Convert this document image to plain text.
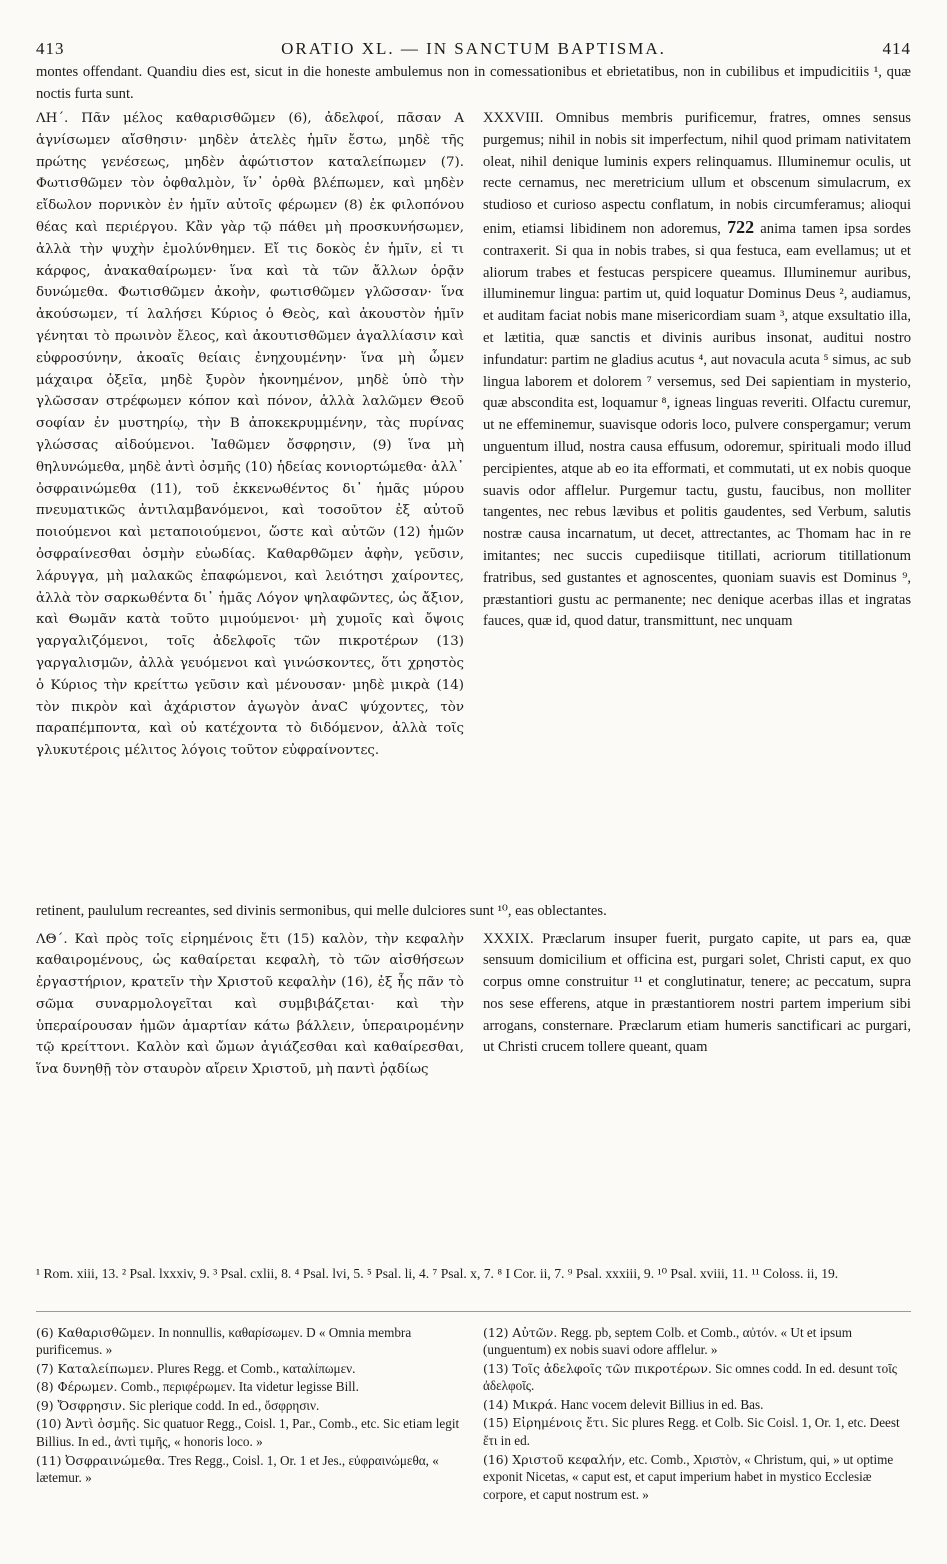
413	ORATIO XL. — IN SANCTUM BAPTISMA.	414
montes offendant. Quandiu dies est, sicut in die honeste ambulemus non in comessationibus et ebrietatibus, non in cubilibus et impudicitiis ¹, quæ noctis furta sunt.

ΛΗ΄. Πᾶν μέλος καθαρισθῶμεν (6), ἀδελφοί, πᾶσαν A ἁγνίσωμεν αἴσθησιν· μηδὲν ἀτελὲς ἡμῖν ἔστω, μηδὲ τῆς πρώτης γενέσεως, μηδὲν ἀφώτιστον καταλείπωμεν (7). Φωτισθῶμεν τὸν ὀφθαλμὸν, ἵν᾽ ὀρθὰ βλέπωμεν, καὶ μηδὲν εἴδωλον πορνικὸν ἐν ἡμῖν αὐτοῖς φέρωμεν (8) ἐκ φιλοπόνου θέας καὶ περιέργου. Κἂν γὰρ τῷ πάθει μὴ προσκυνήσωμεν, ἀλλὰ τὴν ψυχὴν ἐμολύνθημεν. Εἴ τις δοκὸς ἐν ἡμῖν, εἰ τι κάρφος, ἀνακαθαίρωμεν· ἵνα καὶ τὰ τῶν ἄλλων ὁρᾷν δυνώμεθα. Φωτισθῶμεν ἀκοὴν, φωτισθῶμεν γλῶσσαν· ἵνα ἀκούσωμεν, τί λαλήσει Κύριος ὁ Θεὸς, καὶ ἀκουστὸν ἡμῖν γένηται τὸ πρωινὸν ἔλεος, καὶ ἀκουτισθῶμεν ἀγαλλίασιν καὶ εὐφροσύνην, ἀκοαῖς θείαις ἐνηχουμένην· ἵνα μὴ ὦμεν μάχαιρα ὀξεῖα, μηδὲ ξυρὸν ἠκονημένον, μηδὲ ὑπὸ τὴν γλῶσσαν στρέφωμεν κόπον καὶ πόνον, ἀλλὰ λαλῶμεν Θεοῦ σοφίαν ἐν μυστηρίῳ, τὴν B ἀποκεκρυμμένην, τὰς πυρίνας γλώσσας αἰδούμενοι. Ἰαθῶμεν ὄσφρησιν, (9) ἵνα μὴ θηλυνώμεθα, μηδὲ ἀντὶ ὀσμῆς (10) ἡδείας κονιορτώμεθα· ἀλλ᾽ ὀσφραινώμεθα (11), τοῦ ἐκκενωθέντος δι᾽ ἡμᾶς μύρου πνευματικῶς ἀντιλαμβανόμενοι, καὶ τοσοῦτον ἐξ αὐτοῦ ποιούμενοι καὶ μεταποιούμενοι, ὥστε καὶ αὐτῶν (12) ἡμῶν ὀσφραίνεσθαι ὀσμὴν εὐωδίας. Καθαρθῶμεν ἀφὴν, γεῦσιν, λάρυγγα, μὴ μαλακῶς ἐπαφώμενοι, καὶ λειότησι χαίροντες, ἀλλὰ τὸν σαρκωθέντα δι᾽ ἡμᾶς Λόγον ψηλαφῶντες, ὡς ἄξιον, καὶ Θωμᾶν κατὰ τοῦτο μιμούμενοι· μὴ χυμοῖς καὶ ὄψοις γαργαλιζόμενοι, τοῖς ἀδελφοῖς τῶν πικροτέρων (13) γαργαλισμῶν, ἀλλὰ γευόμενοι καὶ γινώσκοντες, ὅτι χρηστὸς ὁ Κύριος τὴν κρείττω γεῦσιν καὶ μένουσαν· μηδὲ μικρὰ (14) τὸν πικρὸν καὶ ἀχάριστον ἀγωγὸν ἀναC ψύχοντες, τὸν παραπέμποντα, καὶ οὐ κατέχοντα τὸ διδόμενον, ἀλλὰ τοῖς γλυκυτέροις μέλιτος λόγοις τοῦτον εὐφραίνοντες.

XXXVIII. Omnibus membris purificemur, fratres, omnes sensus purgemus; nihil in nobis sit imperfectum, nihil quod primam nativitatem oleat, nihil denique luminis expers relinquamus. Illuminemur oculis, ut recte cernamus, nec meretricium ullum et obscenum simulacrum, ex studioso et curioso aspectu conflatum, in nobis circumferamus; alioqui enim, etiamsi libidinem non adoremus, 722 anima tamen ipsa sordes contraxerit. Si qua in nobis trabes, si qua festuca, eam evellamus; ut et aliorum trabes et festucas perspicere queamus. Illuminemur auribus, illuminemur lingua: partim ut, quid loquatur Dominus Deus ², audiamus, et auditam faciat nobis mane misericordiam suam ³, atque exsultatio illa, et lætitia, quæ sanctis et divinis auribus insonat, auditui nostro infundatur: partim ne gladius acutus ⁴, aut novacula acuta ⁵ simus, ac sub lingua laborem et dolorem ⁷ versemus, sed Dei sapientiam in mysterio, quæ abscondita est, loquamur ⁸, igneas linguas reveriti. Olfactu curemur, ut ne effeminemur, suavisque odoris loco, pulvere conspergamur; verum unguentum illud, nostra causa effusum, odoremur, spirituali modo illud percipientes, atque ab eo ita efformati, et commutati, ut ex nobis quoque suavis odor afflelur. Purgemur tactu, gustu, faucibus, non molliter tangentes, nec rebus lævibus et politis gaudentes, sed Verbum, salutis nostræ causa incarnatum, ut decet, attrectantes, ac Thomam hac in re imitantes; nec succis cupediisque titillati, acriorum titillationum fratribus, sed gustantes et agnoscentes, quoniam suavis est Dominus ⁹, præstantiori gustu ac permanente; nec denique acerbas illas et ingratas fauces, quæ id, quod datur, transmittunt, nec unquam

retinent, paululum recreantes, sed divinis sermonibus, qui melle dulciores sunt ¹⁰, eas oblectantes.

ΛΘ΄. Καὶ πρὸς τοῖς εἰρημένοις ἔτι (15) καλὸν, τὴν κεφαλὴν καθαιρομένους, ὡς καθαίρεται κεφαλὴ, τὸ τῶν αἰσθήσεων ἐργαστήριον, κρατεῖν τὴν Χριστοῦ κεφαλὴν (16), ἐξ ἧς πᾶν τὸ σῶμα συναρμολογεῖται καὶ συμβιβάζεται· καὶ τὴν ὑπεραίρουσαν ἡμῶν ἁμαρτίαν κάτω βάλλειν, ὑπεραιρομένην τῷ κρείττονι. Καλὸν καὶ ὤμων ἁγιάζεσθαι καὶ καθαίρεσθαι, ἵνα δυνηθῇ τὸν σταυρὸν αἴρειν Χριστοῦ, μὴ παντὶ ῥᾳδίως

XXXIX. Præclarum insuper fuerit, purgato capite, ut pars ea, quæ sensuum domicilium et officina est, purgari solet, Christi caput, ex quo corpus omne construitur ¹¹ et conglutinatur, tenere; ac peccatum, supra nos sese efferens, atque in præstantiorem nostri partem imperium sibi arrogans, consternare. Præclarum etiam humeris sanctificari ac purgari, ut Christi crucem tollere queant, quam

¹ Rom. xiii, 13. ² Psal. lxxxiv, 9. ³ Psal. cxlii, 8. ⁴ Psal. lvi, 5. ⁵ Psal. li, 4. ⁷ Psal. x, 7. ⁸ I Cor. ii, 7. ⁹ Psal. xxxiii, 9. ¹⁰ Psal. xviii, 11. ¹¹ Coloss. ii, 19.

(6) Καθαρισθῶμεν. In nonnullis, καθαρίσωμεν. D « Omnia membra purificemus. »

(7) Καταλείπωμεν. Plures Regg. et Comb., καταλίπωμεν.

(8) Φέρωμεν. Comb., περιφέρωμεν. Ita videtur legisse Bill.

(9) Ὄσφρησιν. Sic plerique codd. In ed., ὄσφρησιν.

(10) Ἀντὶ ὀσμῆς. Sic quatuor Regg., Coisl. 1, Par., Comb., etc. Sic etiam legit Billius. In ed., ἀντὶ τιμῆς, « honoris loco. »

(11) Ὀσφραινώμεθα. Tres Regg., Coisl. 1, Or. 1 et Jes., εὐφραινώμεθα, « lætemur. »

(12) Αὐτῶν. Regg. pb, septem Colb. et Comb., αὐτόν. « Ut et ipsum (unguentum) ex nobis suavi odore afflelur. »

(13) Τοῖς ἀδελφοῖς τῶν πικροτέρων. Sic omnes codd. In ed. desunt τοῖς ἀδελφοῖς.

(14) Μικρά. Hanc vocem delevit Billius in ed. Bas.

(15) Εἰρημένοις ἔτι. Sic plures Regg. et Colb. Sic Coisl. 1, Or. 1, etc. Deest ἔτι in ed.

(16) Χριστοῦ κεφαλήν, etc. Comb., Χριστὸν, « Christum, qui, » ut optime exponit Nicetas, « caput est, et caput imperium habet in mystico Ecclesiæ corpore, et caput nostrum est. »
